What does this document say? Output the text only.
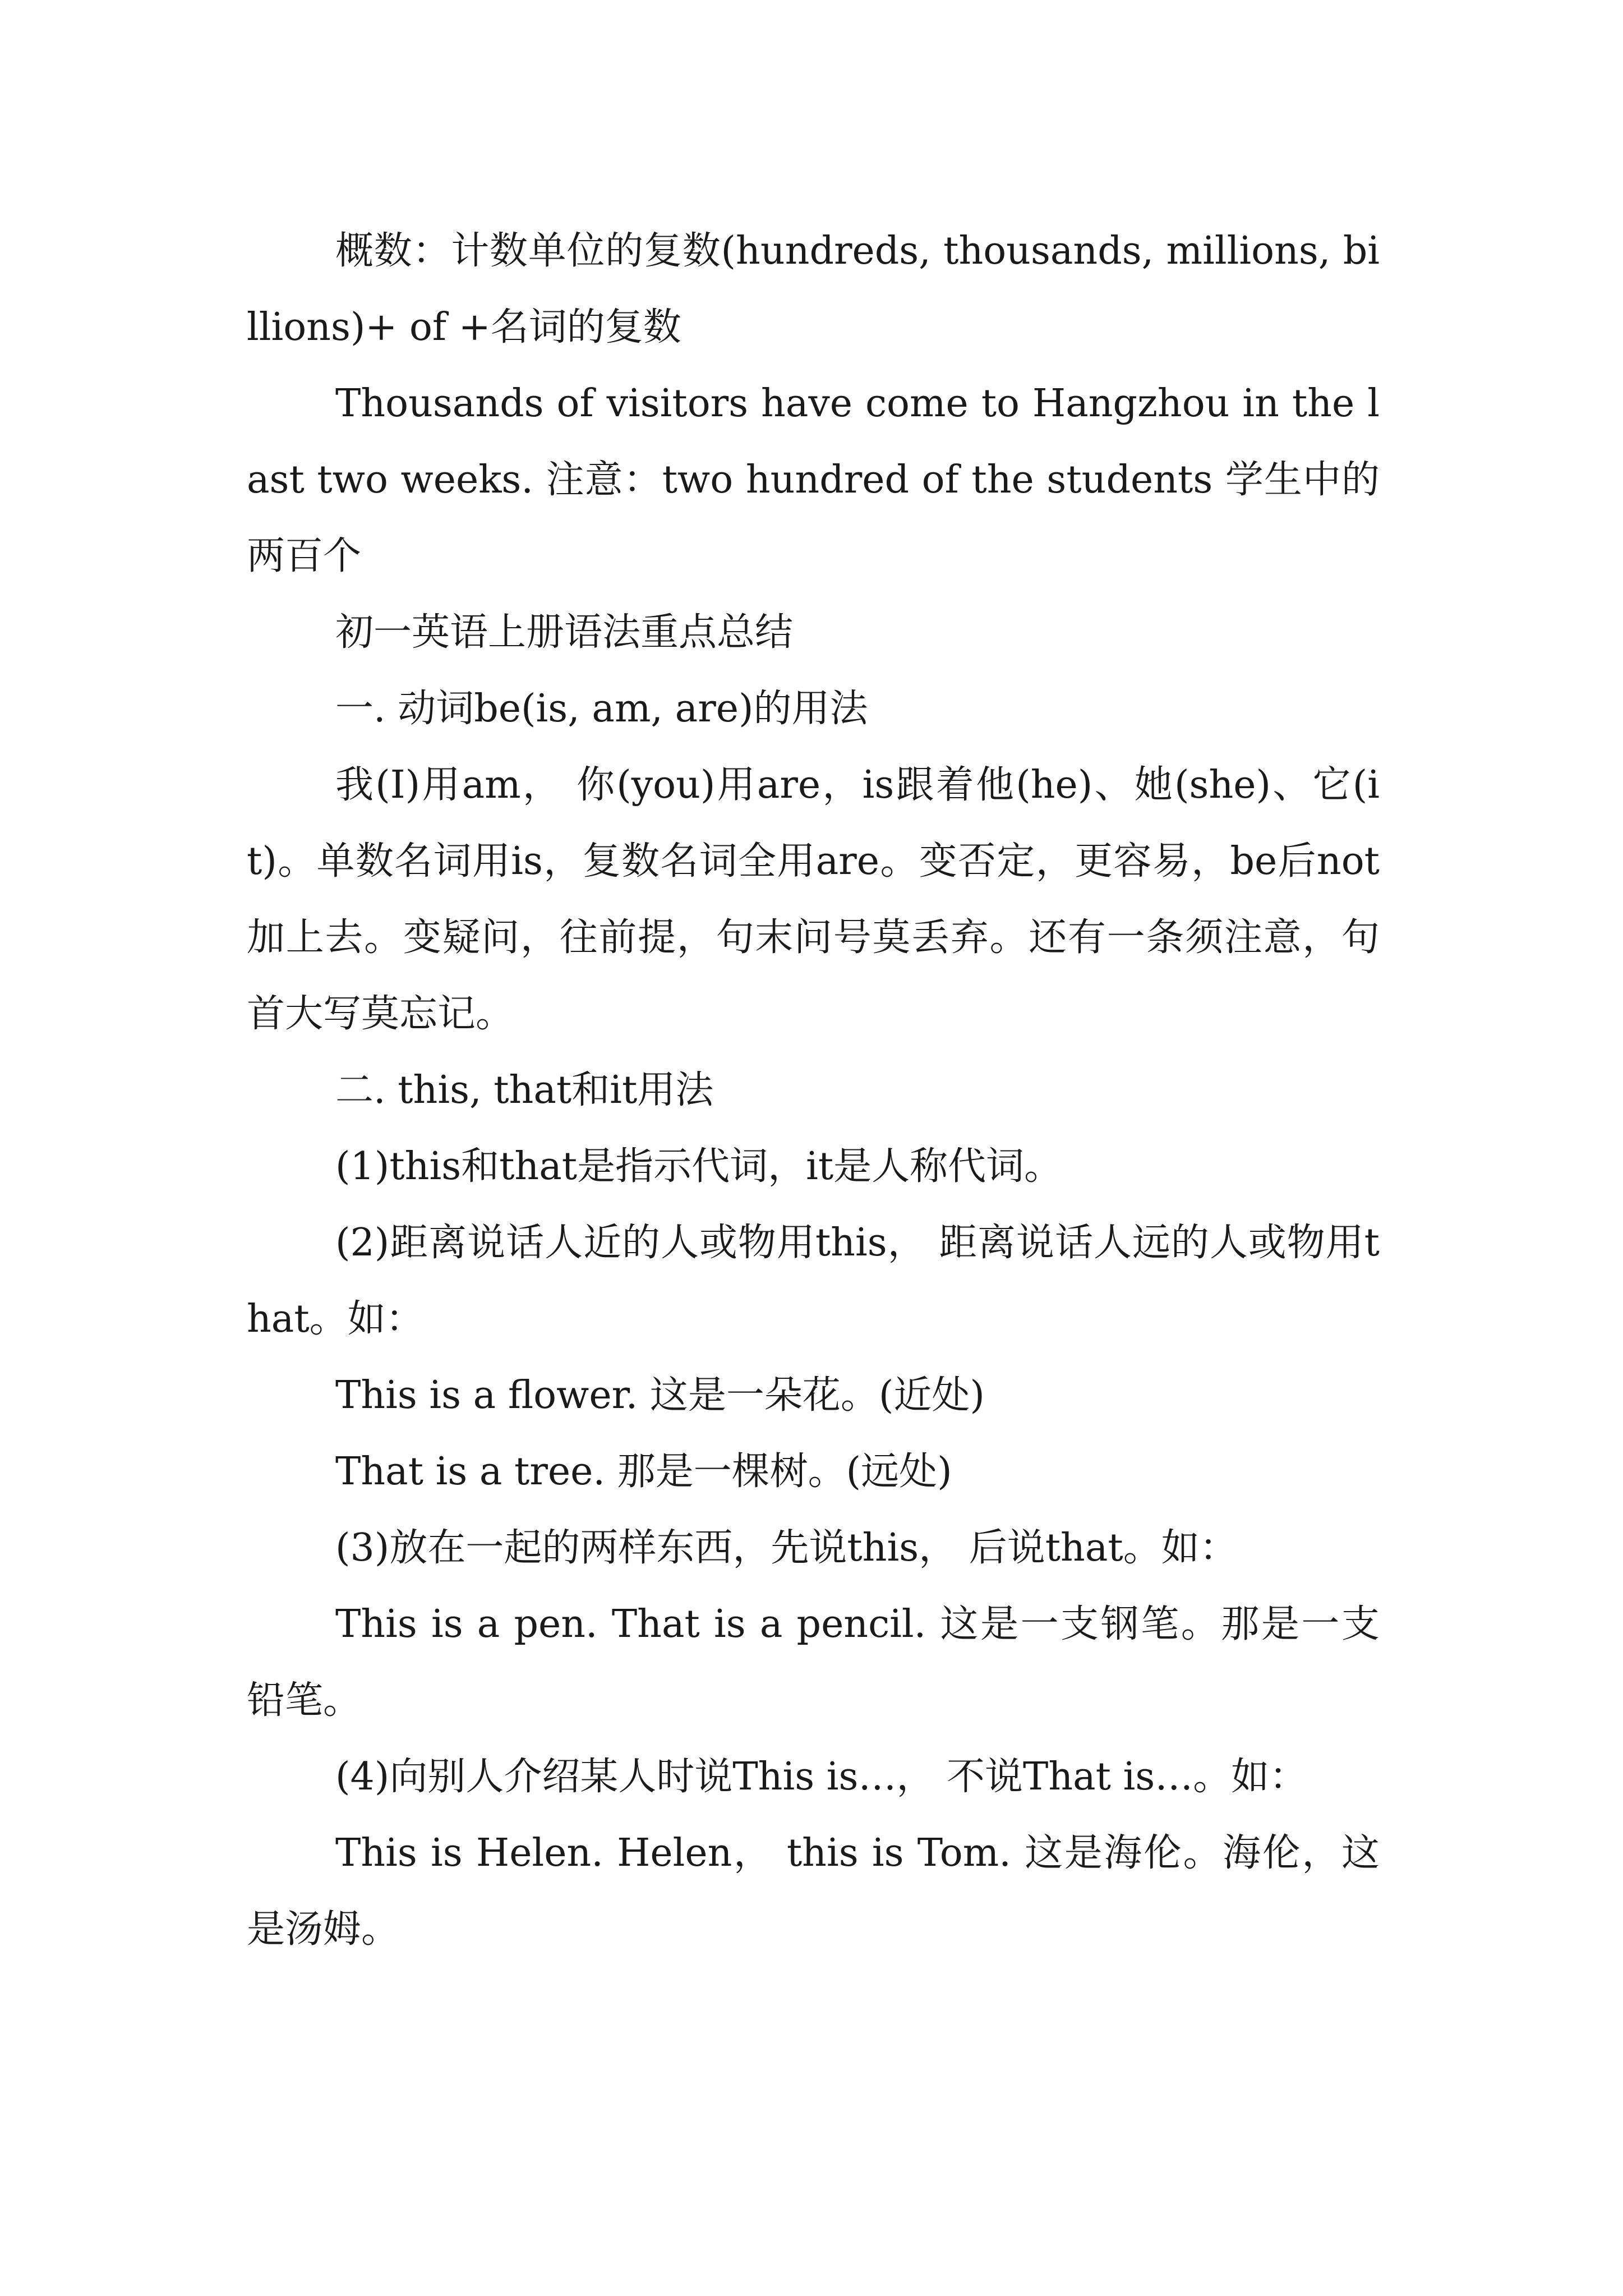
概数：计数单位的复数(hundreds, thousands, millions, billions)+ of +名词的复数

Thousands of visitors have come to Hangzhou in the last two weeks. 注意：two hundred of the students 学生中的两百个

初一英语上册语法重点总结

一. 动词be(is, am, are)的用法

我(I)用am， 你(you)用are，is跟着他(he)、她(she)、它(it)。单数名词用is，复数名词全用are。变否定，更容易，be后not加上去。变疑问，往前提，句末问号莫丢弃。还有一条须注意，句首大写莫忘记。

二. this, that和it用法

(1)this和that是指示代词，it是人称代词。

(2)距离说话人近的人或物用this， 距离说话人远的人或物用that。如：

This is a flower. 这是一朵花。(近处)

That is a tree. 那是一棵树。(远处)

(3)放在一起的两样东西，先说this， 后说that。如：

This is a pen. That is a pencil. 这是一支钢笔。那是一支铅笔。

(4)向别人介绍某人时说This is…， 不说That is…。如：

This is Helen. Helen， this is Tom. 这是海伦。海伦，这是汤姆。
